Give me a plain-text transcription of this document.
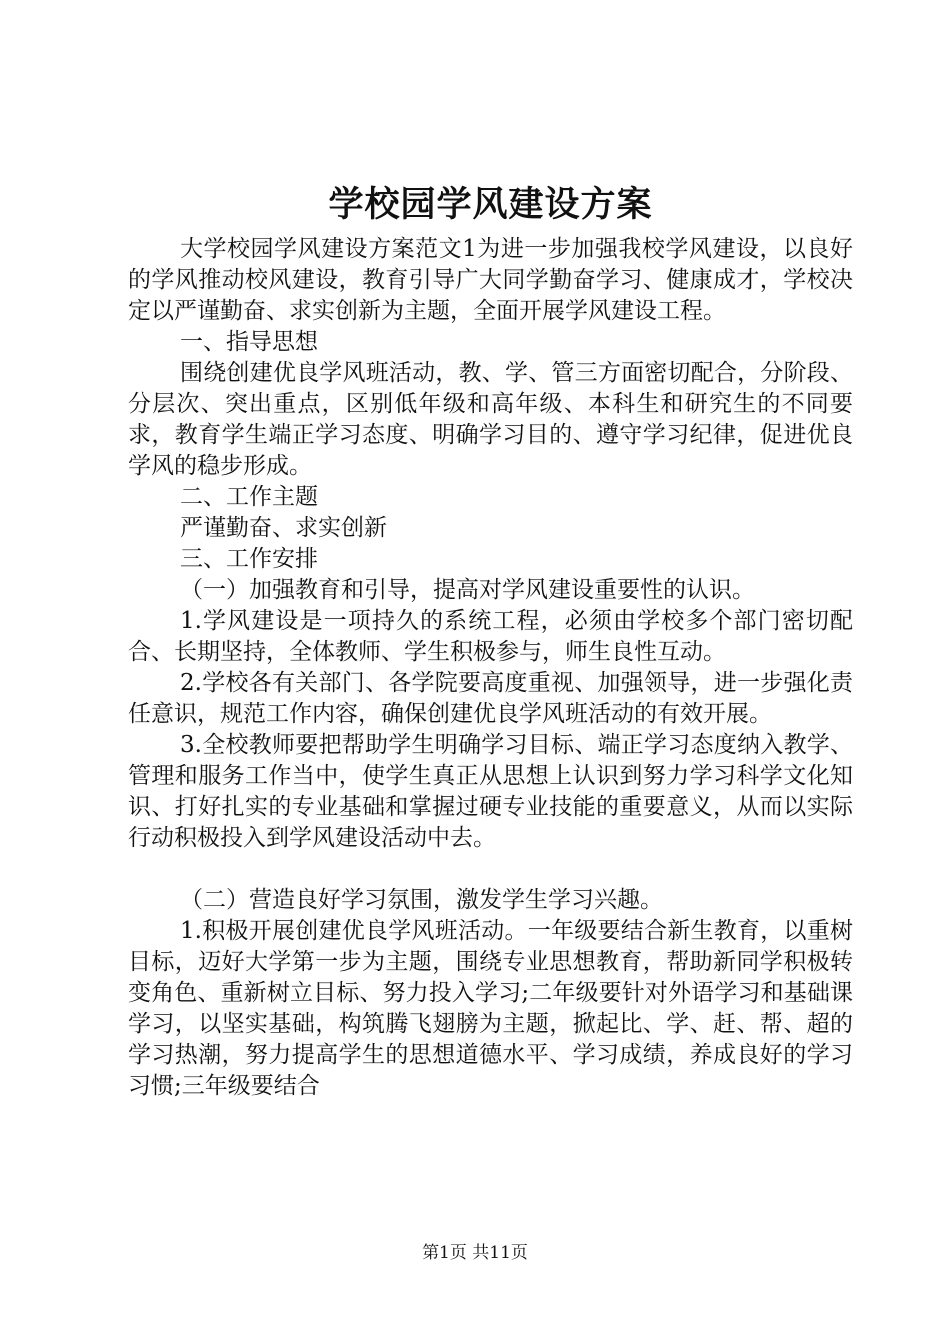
学校园学风建设方案

大学校园学风建设方案范文1为进一步加强我校学风建设，以良好的学风推动校风建设，教育引导广大同学勤奋学习、健康成才，学校决定以严谨勤奋、求实创新为主题，全面开展学风建设工程。

一、指导思想

围绕创建优良学风班活动，教、学、管三方面密切配合，分阶段、分层次、突出重点，区别低年级和高年级、本科生和研究生的不同要求，教育学生端正学习态度、明确学习目的、遵守学习纪律，促进优良学风的稳步形成。

二、工作主题

严谨勤奋、求实创新

三、工作安排

（一）加强教育和引导，提高对学风建设重要性的认识。

1.学风建设是一项持久的系统工程，必须由学校多个部门密切配合、长期坚持，全体教师、学生积极参与，师生良性互动。

2.学校各有关部门、各学院要高度重视、加强领导，进一步强化责任意识，规范工作内容，确保创建优良学风班活动的有效开展。

3.全校教师要把帮助学生明确学习目标、端正学习态度纳入教学、管理和服务工作当中，使学生真正从思想上认识到努力学习科学文化知识、打好扎实的专业基础和掌握过硬专业技能的重要意义，从而以实际行动积极投入到学风建设活动中去。

（二）营造良好学习氛围，激发学生学习兴趣。

1.积极开展创建优良学风班活动。一年级要结合新生教育，以重树目标，迈好大学第一步为主题，围绕专业思想教育，帮助新同学积极转变角色、重新树立目标、努力投入学习;二年级要针对外语学习和基础课学习，以坚实基础，构筑腾飞翅膀为主题，掀起比、学、赶、帮、超的学习热潮，努力提高学生的思想道德水平、学习成绩，养成良好的学习习惯;三年级要结合

第1页 共11页
